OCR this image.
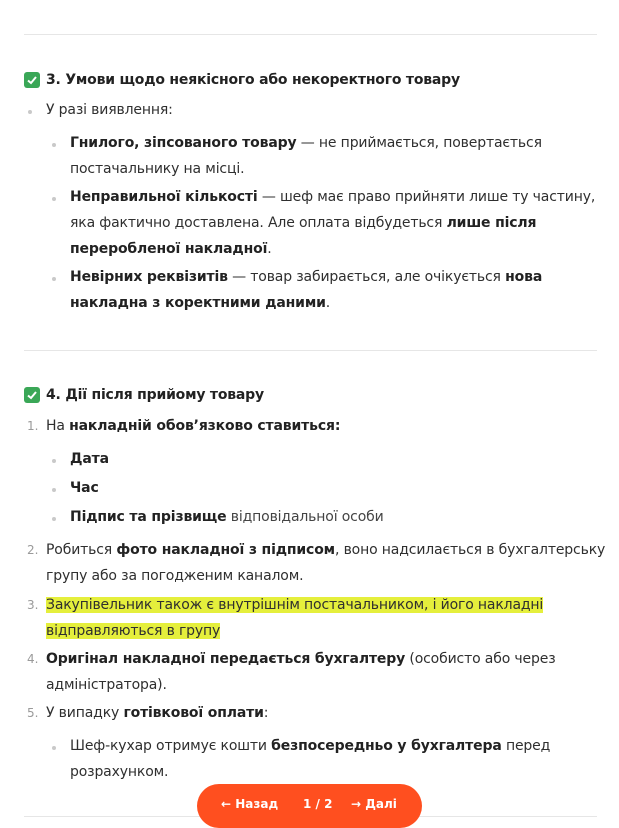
3. Умови щодо неякісного або некоректного товару
У разі виявлення:
Гнилого, зіпсованого товару — не приймається, повертається
постачальнику на місці.
Неправильної кількості — шеф має право прийняти лише ту частину,
яка фактично доставлена. Але оплата відбудеться лише після
переробленої накладної.
Невірних реквізитів — товар забирається, але очікується нова
накладна з коректними даними.
4. Дії після прийому товару
1. На накладній обов’язково ставиться:
Дата
Час
Підпис та прізвище відповідальної особи
2. Робиться фото накладної з підписом, воно надсилається в бухгалтерську
групу або за погодженим каналом.
3. Закупівельник також є внутрішнім постачальником, і його накладні
відправляються в групу
4. Оригінал накладної передається бухгалтеру (особисто або через
адміністратора).
5. У випадку готівкової оплати:
Шеф-кухар отримує кошти безпосередньо у бухгалтера перед
розрахунком.
← Назад 1 / 2 → Далі
